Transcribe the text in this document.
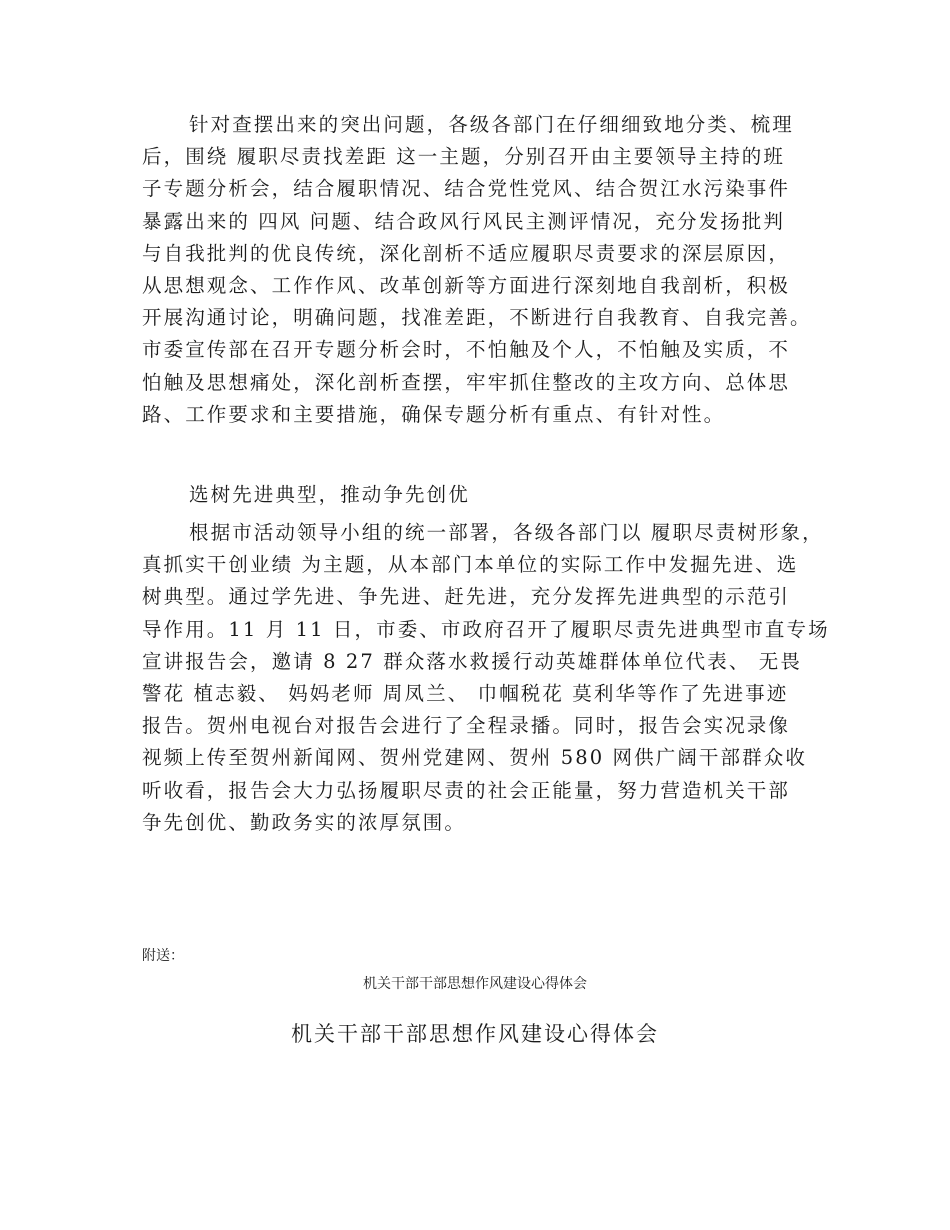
针对查摆出来的突出问题，各级各部门在仔细细致地分类、梳理
后，围绕 履职尽责找差距 这一主题，分别召开由主要领导主持的班
子专题分析会，结合履职情况、结合党性党风、结合贺江水污染事件
暴露出来的 四风 问题、结合政风行风民主测评情况，充分发扬批判
与自我批判的优良传统，深化剖析不适应履职尽责要求的深层原因，
从思想观念、工作作风、改革创新等方面进行深刻地自我剖析，积极
开展沟通讨论，明确问题，找准差距，不断进行自我教育、自我完善。
市委宣传部在召开专题分析会时，不怕触及个人，不怕触及实质，不
怕触及思想痛处，深化剖析查摆，牢牢抓住整改的主攻方向、总体思
路、工作要求和主要措施，确保专题分析有重点、有针对性。
选树先进典型，推动争先创优
根据市活动领导小组的统一部署，各级各部门以 履职尽责树形象，
真抓实干创业绩 为主题，从本部门本单位的实际工作中发掘先进、选
树典型。通过学先进、争先进、赶先进，充分发挥先进典型的示范引
导作用。11 月 11 日，市委、市政府召开了履职尽责先进典型市直专场
宣讲报告会，邀请 8 27 群众落水救援行动英雄群体单位代表、 无畏
警花 植志毅、 妈妈老师 周凤兰、 巾帼税花 莫利华等作了先进事迹
报告。贺州电视台对报告会进行了全程录播。同时，报告会实况录像
视频上传至贺州新闻网、贺州党建网、贺州 580 网供广阔干部群众收
听收看，报告会大力弘扬履职尽责的社会正能量，努力营造机关干部
争先创优、勤政务实的浓厚氛围。
附送：
机关干部干部思想作风建设心得体会
机关干部干部思想作风建设心得体会
